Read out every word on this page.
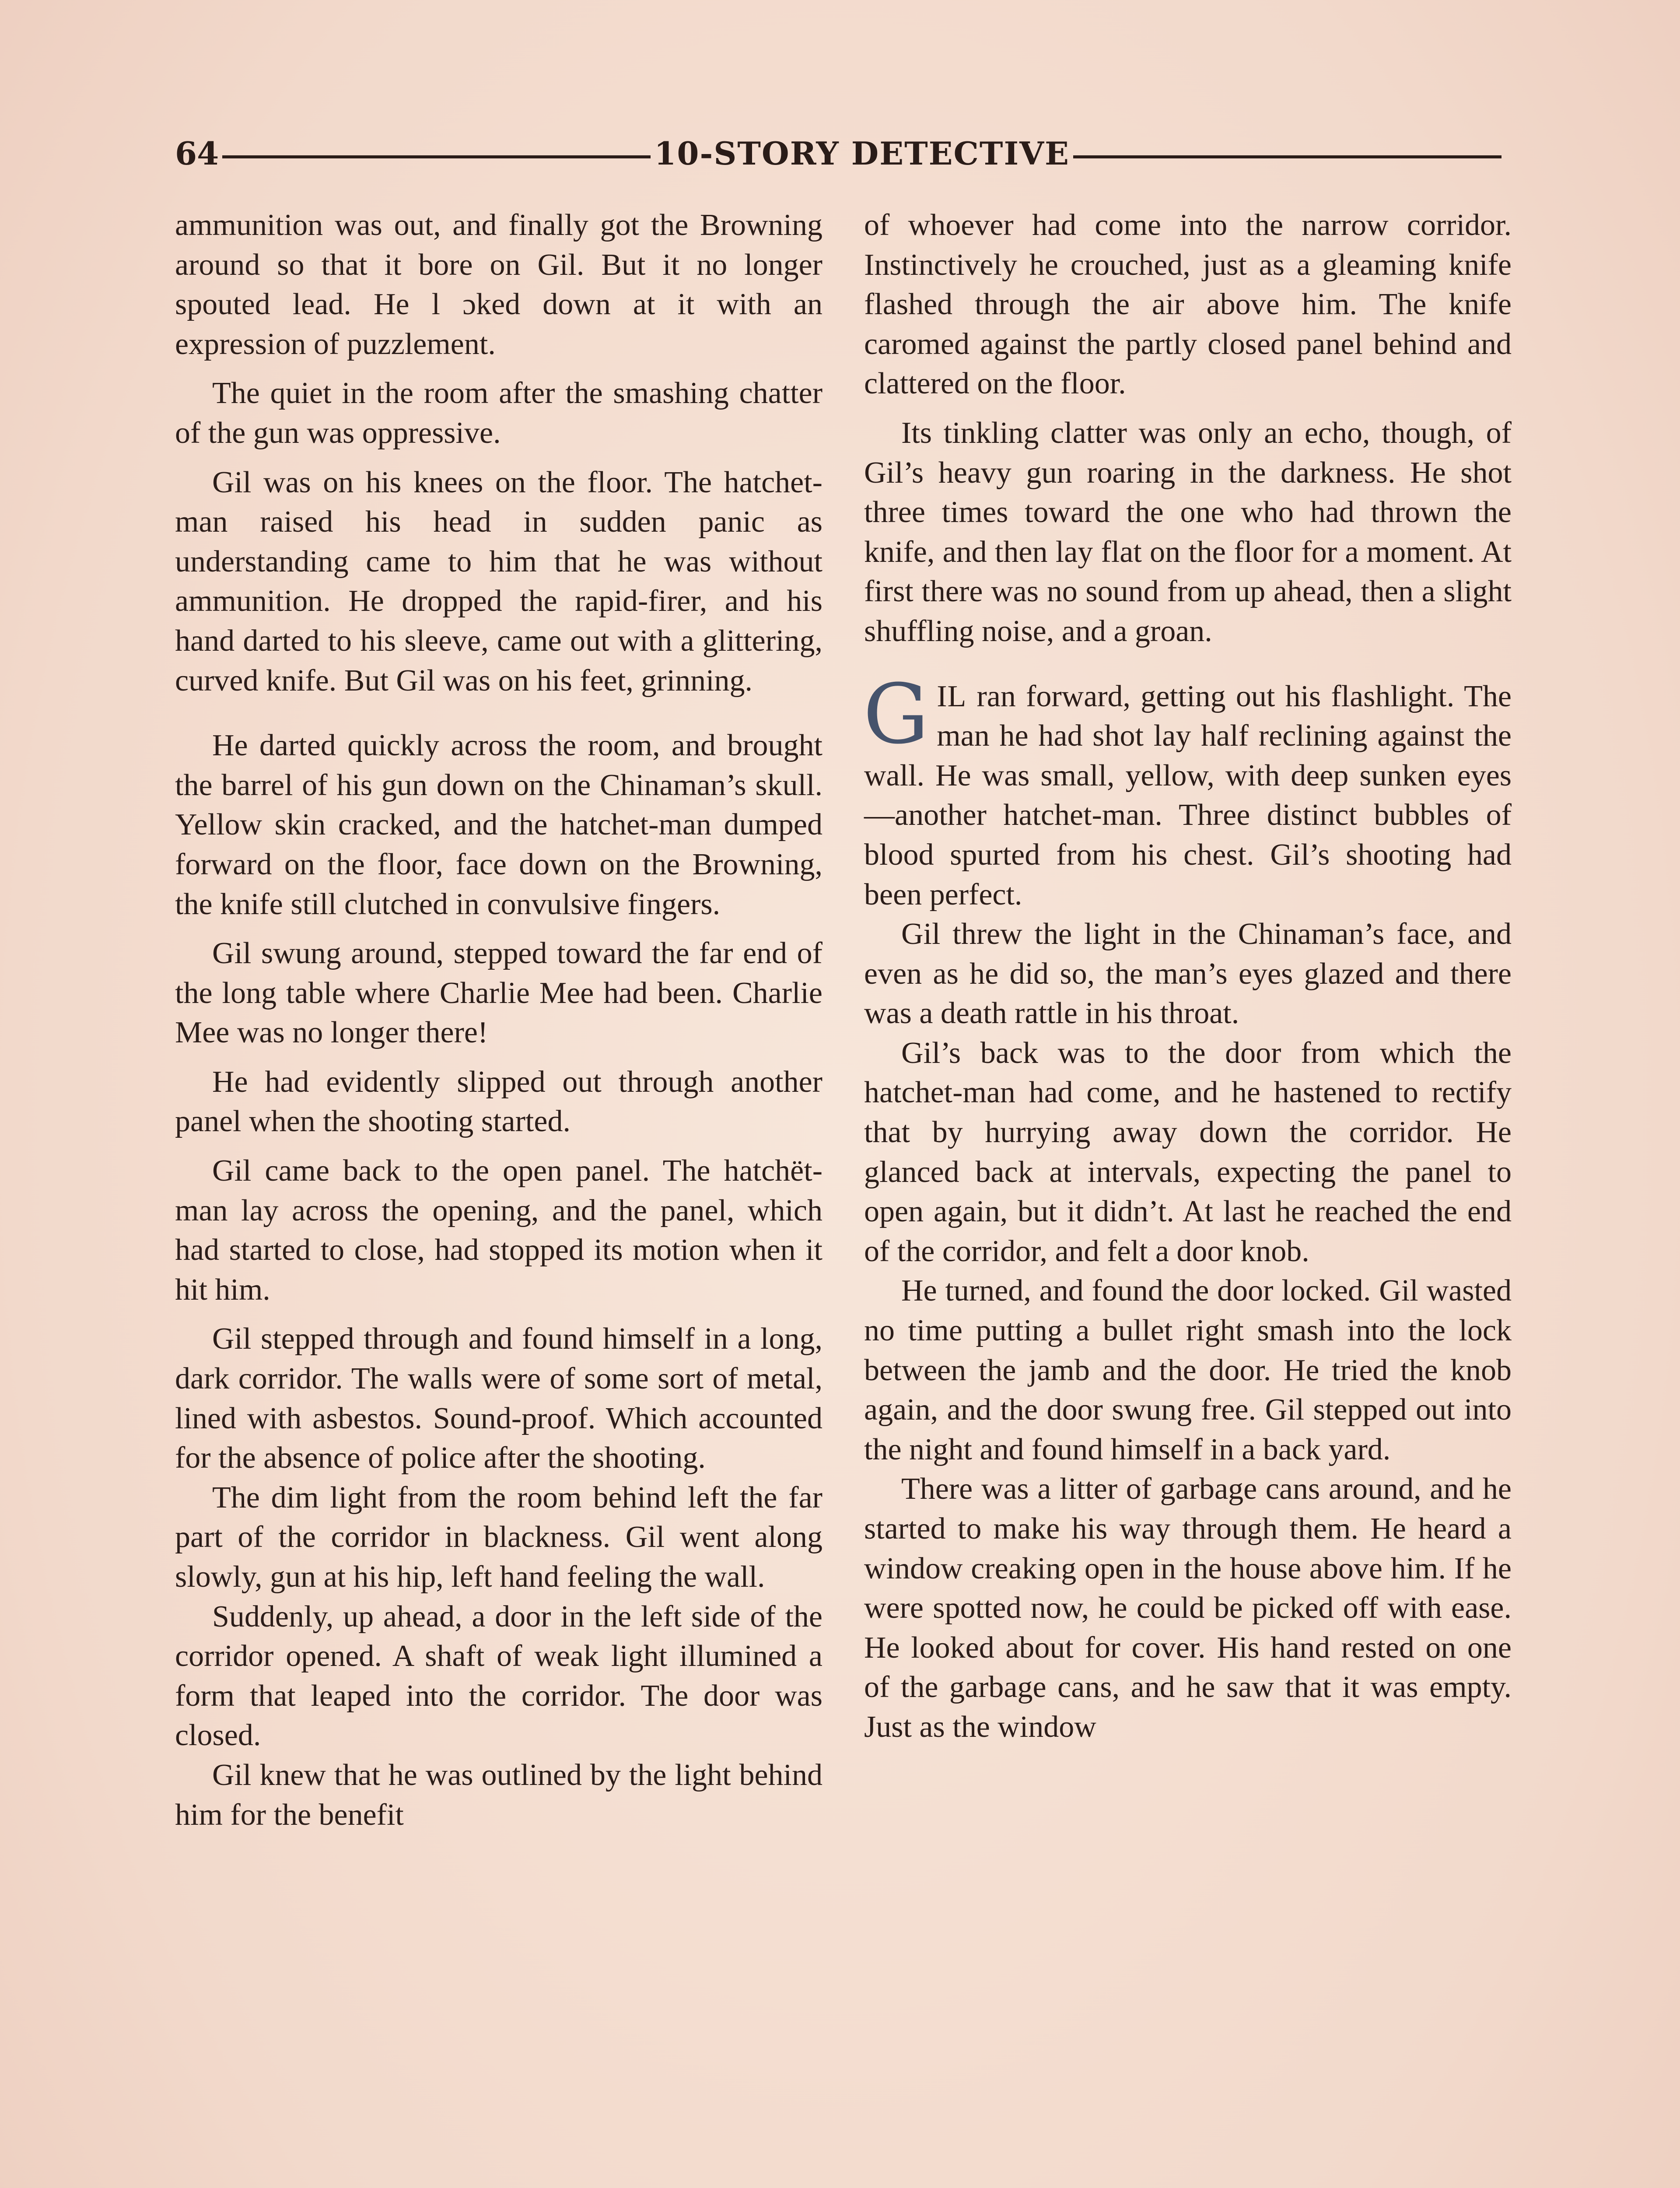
64	10-STORY DETECTIVE

ammunition was out, and finally got the Browning around so that it bore on Gil. But it no longer spouted lead. He l ɔked down at it with an expression of puzzlement.

The quiet in the room after the smashing chatter of the gun was oppressive.

Gil was on his knees on the floor. The hatchet-man raised his head in sudden panic as understanding came to him that he was without ammunition. He dropped the rapid-firer, and his hand darted to his sleeve, came out with a glittering, curved knife. But Gil was on his feet, grinning.

He darted quickly across the room, and brought the barrel of his gun down on the Chinaman’s skull. Yellow skin cracked, and the hatchet-man dumped forward on the floor, face down on the Browning, the knife still clutched in convulsive fingers.

Gil swung around, stepped toward the far end of the long table where Charlie Mee had been. Charlie Mee was no longer there!

He had evidently slipped out through another panel when the shooting started.

Gil came back to the open panel. The hatchët-man lay across the opening, and the panel, which had started to close, had stopped its motion when it hit him.

Gil stepped through and found himself in a long, dark corridor. The walls were of some sort of metal, lined with asbestos. Sound-proof. Which accounted for the absence of police after the shooting.

The dim light from the room behind left the far part of the corridor in blackness. Gil went along slowly, gun at his hip, left hand feeling the wall.

Suddenly, up ahead, a door in the left side of the corridor opened. A shaft of weak light illumined a form that leaped into the corridor. The door was closed.

Gil knew that he was outlined by the light behind him for the benefit

of whoever had come into the narrow corridor. Instinctively he crouched, just as a gleaming knife flashed through the air above him. The knife caromed against the partly closed panel behind and clattered on the floor.

Its tinkling clatter was only an echo, though, of Gil’s heavy gun roaring in the darkness. He shot three times toward the one who had thrown the knife, and then lay flat on the floor for a moment. At first there was no sound from up ahead, then a slight shuffling noise, and a groan.

GIL ran forward, getting out his flashlight. The man he had shot lay half reclining against the wall. He was small, yellow, with deep sunken eyes—another hatchet-man. Three distinct bubbles of blood spurted from his chest. Gil’s shooting had been perfect.

Gil threw the light in the Chinaman’s face, and even as he did so, the man’s eyes glazed and there was a death rattle in his throat.

Gil’s back was to the door from which the hatchet-man had come, and he hastened to rectify that by hurrying away down the corridor. He glanced back at intervals, expecting the panel to open again, but it didn’t. At last he reached the end of the corridor, and felt a door knob.

He turned, and found the door locked. Gil wasted no time putting a bullet right smash into the lock between the jamb and the door. He tried the knob again, and the door swung free. Gil stepped out into the night and found himself in a back yard.

There was a litter of garbage cans around, and he started to make his way through them. He heard a window creaking open in the house above him. If he were spotted now, he could be picked off with ease. He looked about for cover. His hand rested on one of the garbage cans, and he saw that it was empty. Just as the window
